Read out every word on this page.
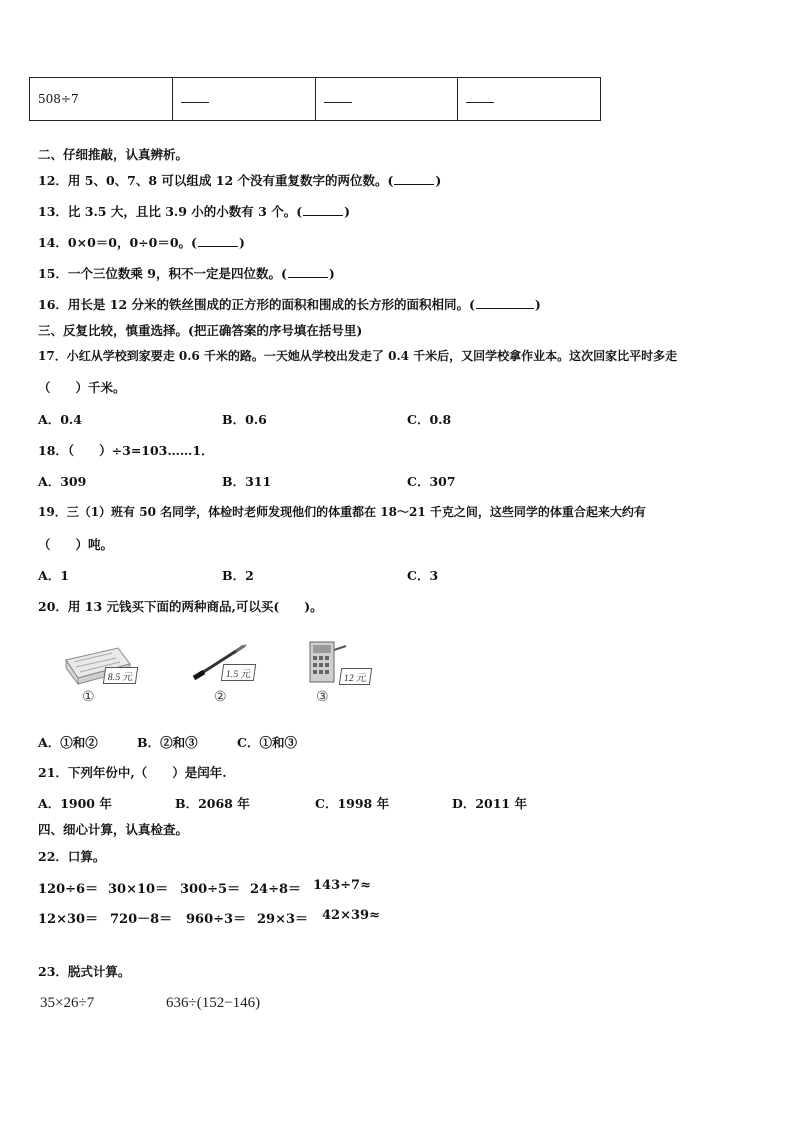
508÷7			
二、仔细推敲，认真辨析。
12．用 5、0、7、8 可以组成 12 个没有重复数字的两位数。(	)
13．比 3.5 大，且比 3.9 小的小数有 3 个。(	)
14．0×0＝0，0÷0＝0。(	)
15．一个三位数乘 9，积不一定是四位数。(	)
16．用长是 12 分米的铁丝围成的正方形的面积和围成的长方形的面积相同。(	)
三、反复比较，慎重选择。(把正确答案的序号填在括号里)
17．小红从学校到家要走 0.6 千米的路。一天她从学校出发走了 0.4 千米后，又回学校拿作业本。这次回家比平时多走
（　　）千米。
A．0.4	B．0.6	C．0.8
18．（　　）÷3=103……1．
A．309	B．311	C．307
19．三（1）班有 50 名同学，体检时老师发现他们的体重都在 18～21 千克之间，这些同学的体重合起来大约有
（　　）吨。
A．1	B．2	C．3
20．用 13 元钱买下面的两种商品,可以买(　　)。
8.5 元
①
1.5 元
②
12 元
③
A．①和②	B．②和③	C．①和③
21．下列年份中,（　　）是闰年.
A．1900 年	B．2068 年	C．1998 年	D．2011 年
四、细心计算，认真检查。
22．口算。
120÷6＝ 30×10＝ 300÷5＝ 24÷8＝ 143÷7≈
12×30＝ 720－8＝ 960÷3＝ 29×3＝ 42×39≈
23．脱式计算。
35×26÷7	636÷(152−146)
